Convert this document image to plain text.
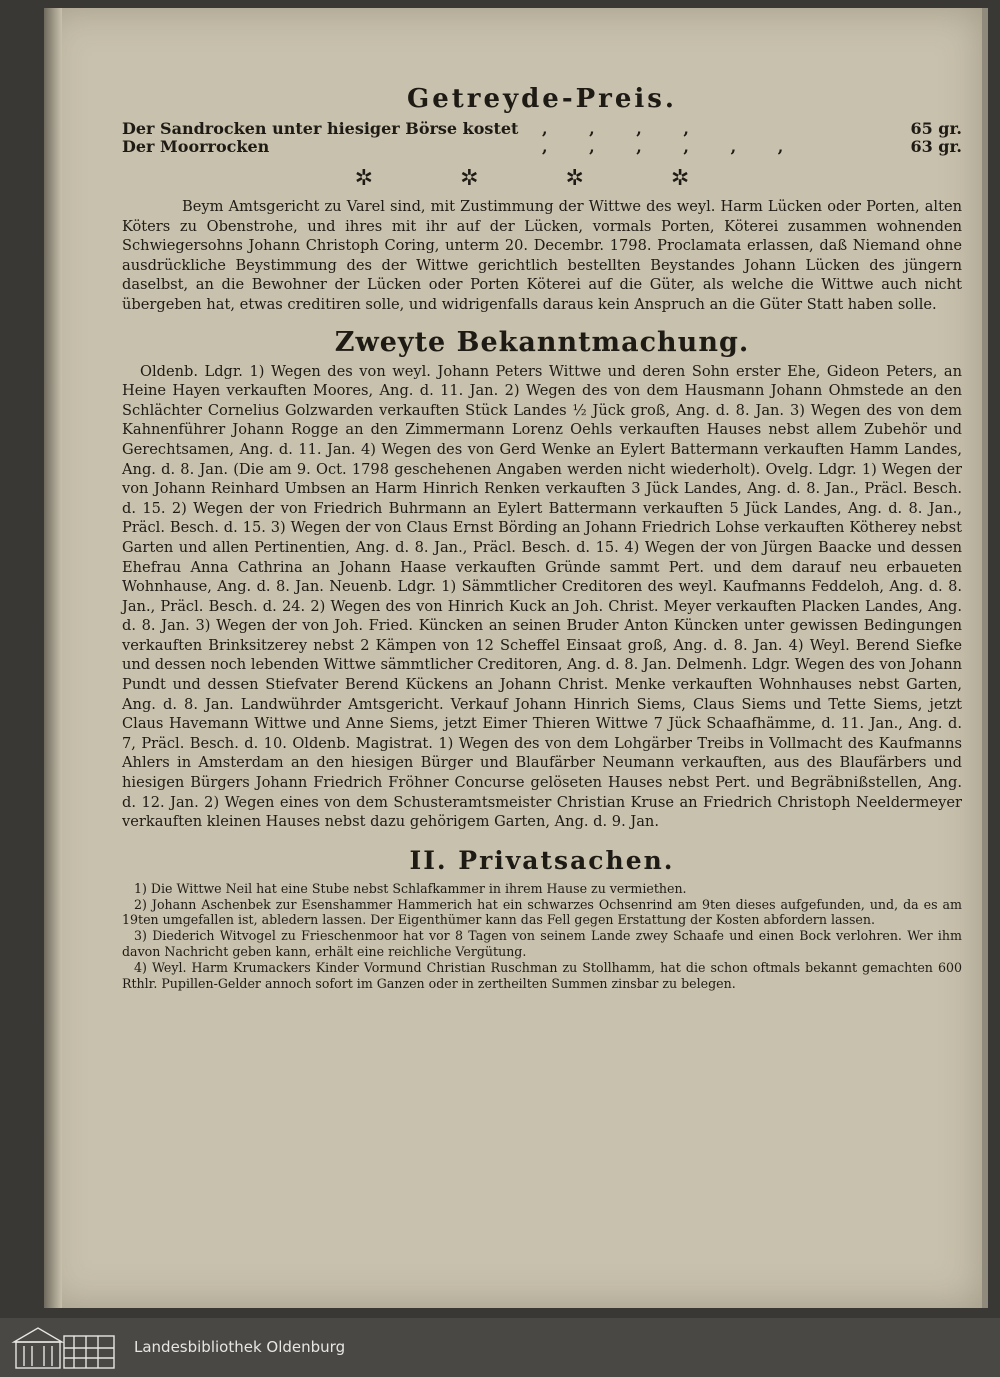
Getreyde-Preis.
Der Sandrocken unter hiesiger Börse kostet	, , , ,	65 gr.
Der Moorrocken	, , , , , ,	63 gr.
✲ ✲ ✲ ✲

Beym Amtsgericht zu Varel sind, mit Zustimmung der Wittwe des weyl. Harm Lücken oder Porten, alten Köters zu Obenstrohe, und ihres mit ihr auf der Lücken, vormals Porten, Köterei zusammen wohnenden Schwiegersohns Johann Christoph Coring, unterm 20. Decembr. 1798. Proclamata erlassen, daß Niemand ohne ausdrückliche Beystimmung des der Wittwe gerichtlich bestellten Beystandes Johann Lücken des jüngern daselbst, an die Bewohner der Lücken oder Porten Köterei auf die Güter, als welche die Wittwe auch nicht übergeben hat, etwas creditiren solle, und widrigenfalls daraus kein Anspruch an die Güter Statt haben solle.

Zweyte Bekanntmachung.

Oldenb. Ldgr. 1) Wegen des von weyl. Johann Peters Wittwe und deren Sohn erster Ehe, Gideon Peters, an Heine Hayen verkauften Moores, Ang. d. 11. Jan. 2) Wegen des von dem Hausmann Johann Ohmstede an den Schlächter Cornelius Golzwarden verkauften Stück Landes ½ Jück groß, Ang. d. 8. Jan. 3) Wegen des von dem Kahnenführer Johann Rogge an den Zimmermann Lorenz Oehls verkauften Hauses nebst allem Zubehör und Gerechtsamen, Ang. d. 11. Jan. 4) Wegen des von Gerd Wenke an Eylert Battermann verkauften Hamm Landes, Ang. d. 8. Jan. (Die am 9. Oct. 1798 geschehenen Angaben werden nicht wiederholt). Ovelg. Ldgr. 1) Wegen der von Johann Reinhard Umbsen an Harm Hinrich Renken verkauften 3 Jück Landes, Ang. d. 8. Jan., Präcl. Besch. d. 15. 2) Wegen der von Friedrich Buhrmann an Eylert Battermann verkauften 5 Jück Landes, Ang. d. 8. Jan., Präcl. Besch. d. 15. 3) Wegen der von Claus Ernst Börding an Johann Friedrich Lohse verkauften Kötherey nebst Garten und allen Pertinentien, Ang. d. 8. Jan., Präcl. Besch. d. 15. 4) Wegen der von Jürgen Baacke und dessen Ehefrau Anna Cathrina an Johann Haase verkauften Gründe sammt Pert. und dem darauf neu erbaueten Wohnhause, Ang. d. 8. Jan. Neuenb. Ldgr. 1) Sämmtlicher Creditoren des weyl. Kaufmanns Feddeloh, Ang. d. 8. Jan., Präcl. Besch. d. 24. 2) Wegen des von Hinrich Kuck an Joh. Christ. Meyer verkauften Placken Landes, Ang. d. 8. Jan. 3) Wegen der von Joh. Fried. Küncken an seinen Bruder Anton Küncken unter gewissen Bedingungen verkauften Brinksitzerey nebst 2 Kämpen von 12 Scheffel Einsaat groß, Ang. d. 8. Jan. 4) Weyl. Berend Siefke und dessen noch lebenden Wittwe sämmtlicher Creditoren, Ang. d. 8. Jan. Delmenh. Ldgr. Wegen des von Johann Pundt und dessen Stiefvater Berend Kückens an Johann Christ. Menke verkauften Wohnhauses nebst Garten, Ang. d. 8. Jan. Landwührder Amtsgericht. Verkauf Johann Hinrich Siems, Claus Siems und Tette Siems, jetzt Claus Havemann Wittwe und Anne Siems, jetzt Eimer Thieren Wittwe 7 Jück Schaafhämme, d. 11. Jan., Ang. d. 7, Präcl. Besch. d. 10. Oldenb. Magistrat. 1) Wegen des von dem Lohgärber Treibs in Vollmacht des Kaufmanns Ahlers in Amsterdam an den hiesigen Bürger und Blaufärber Neumann verkauften, aus des Blaufärbers und hiesigen Bürgers Johann Friedrich Fröhner Concurse gelöseten Hauses nebst Pert. und Begräbnißstellen, Ang. d. 12. Jan. 2) Wegen eines von dem Schusteramtsmeister Christian Kruse an Friedrich Christoph Neeldermeyer verkauften kleinen Hauses nebst dazu gehörigem Garten, Ang. d. 9. Jan.

II. Privatsachen.

1) Die Wittwe Neil hat eine Stube nebst Schlafkammer in ihrem Hause zu vermiethen.

2) Johann Aschenbek zur Esenshammer Hammerich hat ein schwarzes Ochsenrind am 9ten dieses aufgefunden, und, da es am 19ten umgefallen ist, abledern lassen. Der Eigenthümer kann das Fell gegen Erstattung der Kosten abfordern lassen.

3) Diederich Witvogel zu Frieschenmoor hat vor 8 Tagen von seinem Lande zwey Schaafe und einen Bock verlohren. Wer ihm davon Nachricht geben kann, erhält eine reichliche Vergütung.

4) Weyl. Harm Krumackers Kinder Vormund Christian Ruschman zu Stollhamm, hat die schon oftmals bekannt gemachten 600 Rthlr. Pupillen-Gelder annoch sofort im Ganzen oder in zertheilten Summen zinsbar zu belegen.

Landesbibliothek Oldenburg
